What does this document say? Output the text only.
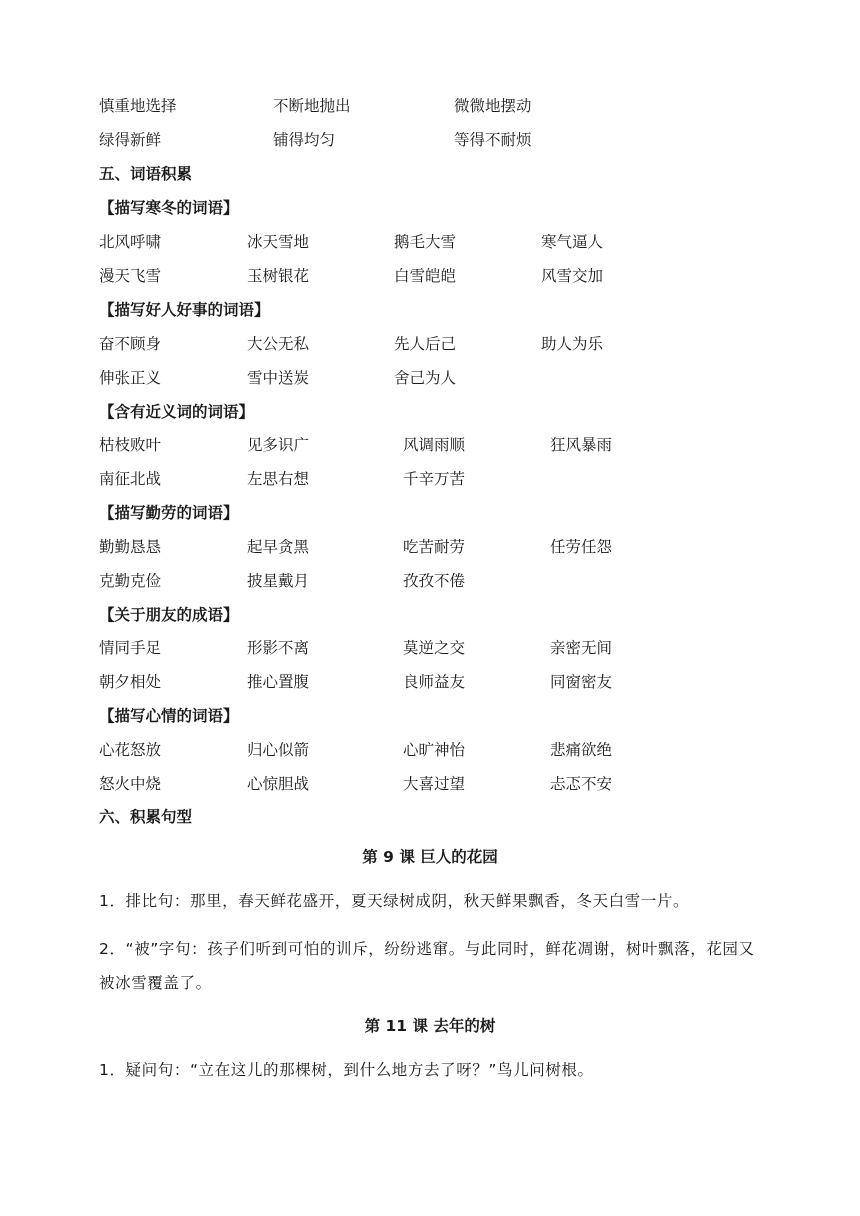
慎重地选择	不断地抛出	微微地摆动
绿得新鲜	铺得均匀	等得不耐烦
五、词语积累
【描写寒冬的词语】
北风呼啸	冰天雪地	鹅毛大雪	寒气逼人
漫天飞雪	玉树银花	白雪皑皑	风雪交加
【描写好人好事的词语】
奋不顾身	大公无私	先人后己	助人为乐
伸张正义	雪中送炭	舍己为人
【含有近义词的词语】
枯枝败叶	见多识广	风调雨顺	狂风暴雨
南征北战	左思右想	千辛万苦
【描写勤劳的词语】
勤勤恳恳	起早贪黑	吃苦耐劳	任劳任怨
克勤克俭	披星戴月	孜孜不倦
【关于朋友的成语】
情同手足	形影不离	莫逆之交	亲密无间
朝夕相处	推心置腹	良师益友	同窗密友
【描写心情的词语】
心花怒放	归心似箭	心旷神怡	悲痛欲绝
怒火中烧	心惊胆战	大喜过望	忐忑不安
六、积累句型
第 9 课 巨人的花园
1．排比句：那里，春天鲜花盛开，夏天绿树成阴，秋天鲜果飘香，冬天白雪一片。
2．“被”字句：孩子们听到可怕的训斥，纷纷逃窜。与此同时，鲜花凋谢，树叶飘落，花园又被冰雪覆盖了。
第 11 课 去年的树
1．疑问句：“立在这儿的那棵树，到什么地方去了呀？”鸟儿问树根。
